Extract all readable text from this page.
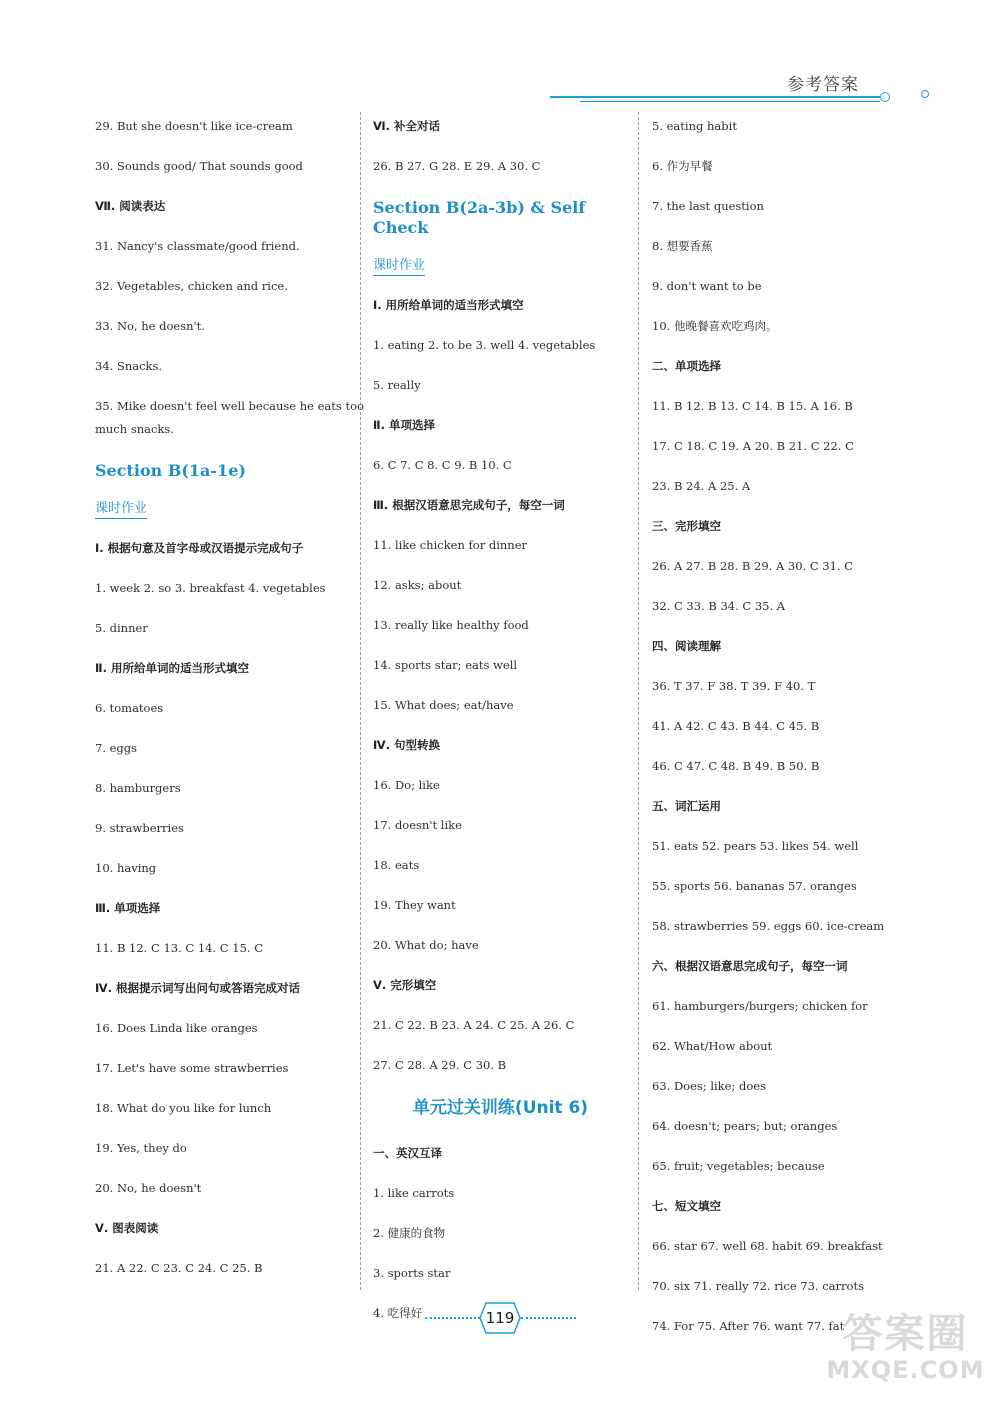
参考答案
29. But she doesn't like ice-cream
30. Sounds good/ That sounds good
Ⅶ. 阅读表达
31. Nancy's classmate/good friend.
32. Vegetables, chicken and rice.
33. No, he doesn't.
34. Snacks.
35. Mike doesn't feel well because he eats too
much snacks.
Section B(1a-1e)
课时作业
Ⅰ. 根据句意及首字母或汉语提示完成句子
1. week 2. so 3. breakfast 4. vegetables
5. dinner
Ⅱ. 用所给单词的适当形式填空
6. tomatoes
7. eggs
8. hamburgers
9. strawberries
10. having
Ⅲ. 单项选择
11. B 12. C 13. C 14. C 15. C
Ⅳ. 根据提示词写出问句或答语完成对话
16. Does Linda like oranges
17. Let's have some strawberries
18. What do you like for lunch
19. Yes, they do
20. No, he doesn't
Ⅴ. 图表阅读
21. A 22. C 23. C 24. C 25. B
Ⅵ. 补全对话
26. B 27. G 28. E 29. A 30. C
Section B(2a-3b) & Self Check
课时作业
Ⅰ. 用所给单词的适当形式填空
1. eating 2. to be 3. well 4. vegetables
5. really
Ⅱ. 单项选择
6. C 7. C 8. C 9. B 10. C
Ⅲ. 根据汉语意思完成句子，每空一词
11. like chicken for dinner
12. asks; about
13. really like healthy food
14. sports star; eats well
15. What does; eat/have
Ⅳ. 句型转换
16. Do; like
17. doesn't like
18. eats
19. They want
20. What do; have
Ⅴ. 完形填空
21. C 22. B 23. A 24. C 25. A 26. C
27. C 28. A 29. C 30. B
单元过关训练(Unit 6)
一、英汉互译
1. like carrots
2. 健康的食物
3. sports star
4. 吃得好
5. eating habit
6. 作为早餐
7. the last question
8. 想要香蕉
9. don't want to be
10. 他晚餐喜欢吃鸡肉。
二、单项选择
11. B 12. B 13. C 14. B 15. A 16. B
17. C 18. C 19. A 20. B 21. C 22. C
23. B 24. A 25. A
三、完形填空
26. A 27. B 28. B 29. A 30. C 31. C
32. C 33. B 34. C 35. A
四、阅读理解
36. T 37. F 38. T 39. F 40. T
41. A 42. C 43. B 44. C 45. B
46. C 47. C 48. B 49. B 50. B
五、词汇运用
51. eats 52. pears 53. likes 54. well
55. sports 56. bananas 57. oranges
58. strawberries 59. eggs 60. ice-cream
六、根据汉语意思完成句子，每空一词
61. hamburgers/burgers; chicken for
62. What/How about
63. Does; like; does
64. doesn't; pears; but; oranges
65. fruit; vegetables; because
七、短文填空
66. star 67. well 68. habit 69. breakfast
70. six 71. really 72. rice 73. carrots
74. For 75. After 76. want 77. fat
119	答案圈
MXQE.COM
